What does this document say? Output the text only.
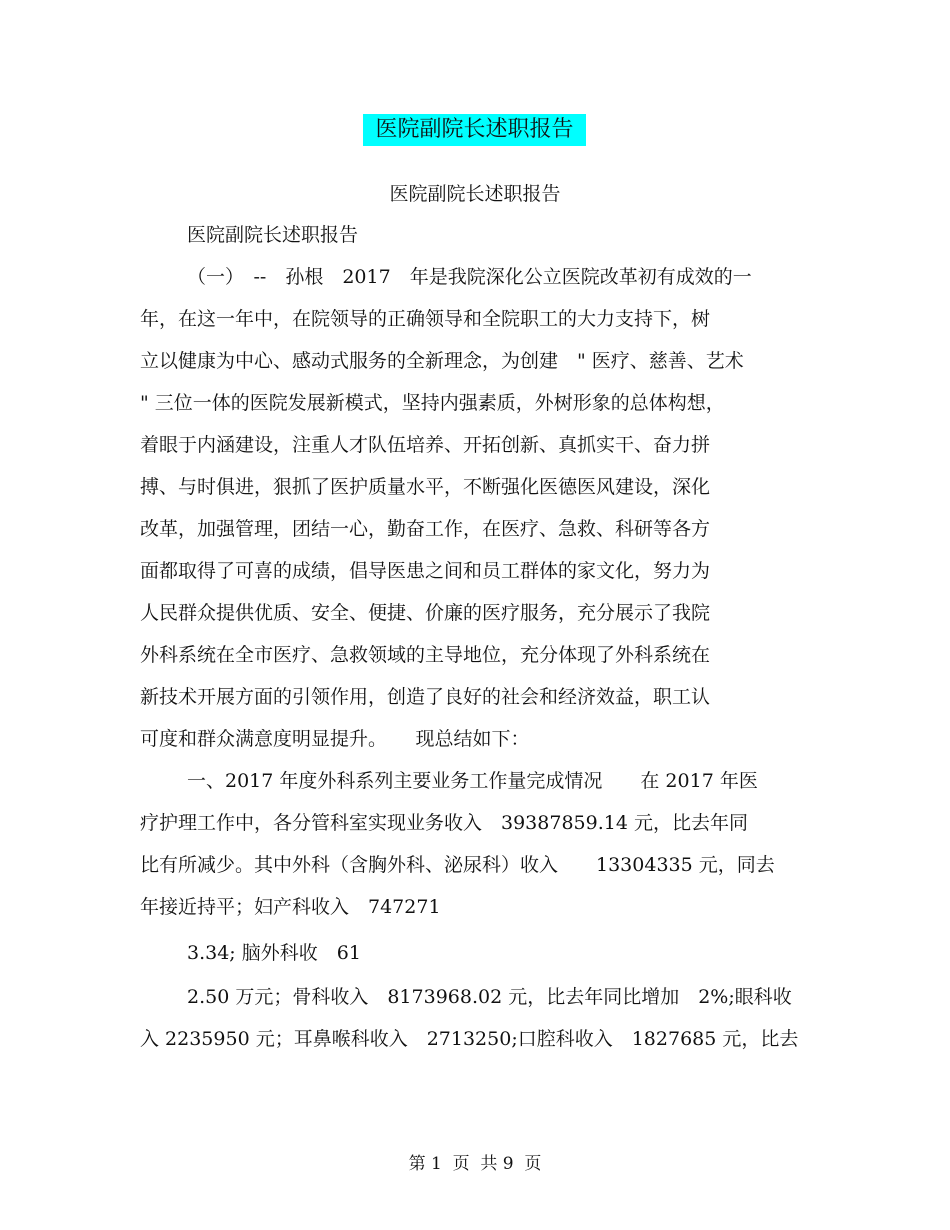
医院副院长述职报告
医院副院长述职报告
医院副院长述职报告
（一）　--　孙根　2017　年是我院深化公立医院改革初有成效的一
年，在这一年中，在院领导的正确领导和全院职工的大力支持下，树
立以健康为中心、感动式服务的全新理念，为创建　" 医疗、慈善、艺术
" 三位一体的医院发展新模式，坚持内强素质，外树形象的总体构想，
着眼于内涵建设，注重人才队伍培养、开拓创新、真抓实干、奋力拼
搏、与时俱进，狠抓了医护质量水平，不断强化医德医风建设，深化
改革，加强管理，团结一心，勤奋工作，在医疗、急救、科研等各方
面都取得了可喜的成绩，倡导医患之间和员工群体的家文化，努力为
人民群众提供优质、安全、便捷、价廉的医疗服务，充分展示了我院
外科系统在全市医疗、急救领域的主导地位，充分体现了外科系统在
新技术开展方面的引领作用，创造了良好的社会和经济效益，职工认
可度和群众满意度明显提升。　　现总结如下：
一、2017 年度外科系列主要业务工作量完成情况　　在 2017 年医
疗护理工作中，各分管科室实现业务收入　39387859.14 元，比去年同
比有所减少。其中外科（含胸外科、泌尿科）收入　　13304335 元，同去
年接近持平；妇产科收入　747271
3.34; 脑外科收　61
2.50 万元；骨科收入　8173968.02 元，比去年同比增加　2%;眼科收
入 2235950 元；耳鼻喉科收入　2713250;口腔科收入　1827685 元，比去
第 1  页  共 9  页
